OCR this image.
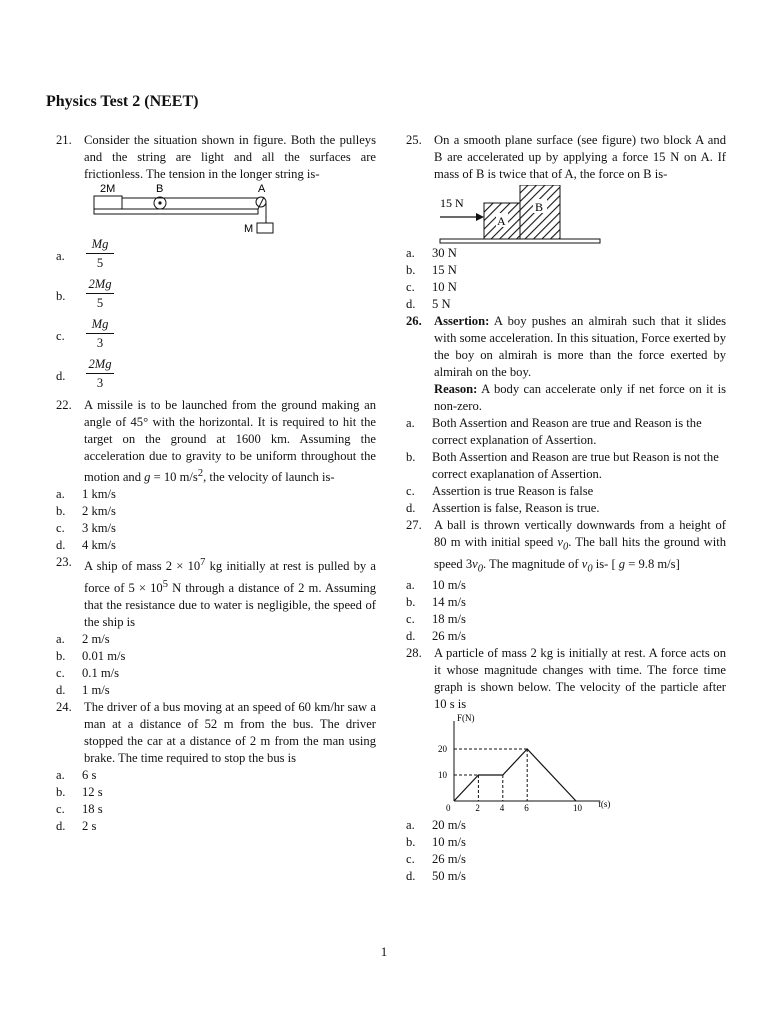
Physics Test 2 (NEET)
21. Consider the situation shown in figure. Both the pulleys and the string are light and all the surfaces are frictionless. The tension in the longer string is-
2M	B	A
M
a. $\frac{Mg}{5}$
b. $\frac{2Mg}{5}$
c. $\frac{Mg}{3}$
d. $\frac{2Mg}{3}$
22. A missile is to be launched from the ground making an angle of 45° with the horizontal. It is required to hit the target on the ground at 1600 km. Assuming the acceleration due to gravity to be uniform throughout the motion and g = 10 $m/s^2$, the velocity of launch is-
a. 1 km/s
b. 2 km/s
c. 3 km/s
d. 4 km/s
23. A ship of mass $2 \times 10^7$ kg initially at rest is pulled by a force of $5 \times 10^5$ N through a distance of 2 m. Assuming that the resistance due to water is negligible, the speed of the ship is
a. 2 m/s
b. 0.01 m/s
c. 0.1 m/s
d. 1 m/s
24. The driver of a bus moving at an speed of 60 km/hr saw a man at a distance of 52 m from the bus. The driver stopped the car at a distance of 2 m from the man using brake. The time required to stop the bus is
a. 6 s
b. 12 s
c. 18 s
d. 2 s
25. On a smooth plane surface (see figure) two block A and B are accelerated up by applying a force 15 N on A. If mass of B is twice that of A, the force on B is-
15 N
A
B
a. 30 N
b. 15 N
c. 10 N
d. 5 N
26. Assertion: A boy pushes an almirah such that it slides with some acceleration. In this situation, Force exerted by the boy on almirah is more than the force exerted by almirah on the boy.
Reason: A body can accelerate only if net force on it is non-zero.
a. Both Assertion and Reason are true and Reason is the correct explanation of Assertion.
b. Both Assertion and Reason are true but Reason is not the correct exaplanation of Assertion.
c. Assertion is true Reason is false
d. Assertion is false, Reason is true.
27. A ball is thrown vertically downwards from a height of 80 m with initial speed $v_0$. The ball hits the ground with speed $3v_0$. The magnitude of $v_0$ is- [ g = 9.8 m/s]
a. 10 m/s
b. 14 m/s
c. 18 m/s
d. 26 m/s
28. A particle of mass 2 kg is initially at rest. A force acts on it whose magnitude changes with time. The force time graph is shown below. The velocity of the particle after 10 s is
F(N)
t(s)
0	2 4 6	10
10
20
a. 20 m/s
b. 10 m/s
c. 26 m/s
d. 50 m/s
1
